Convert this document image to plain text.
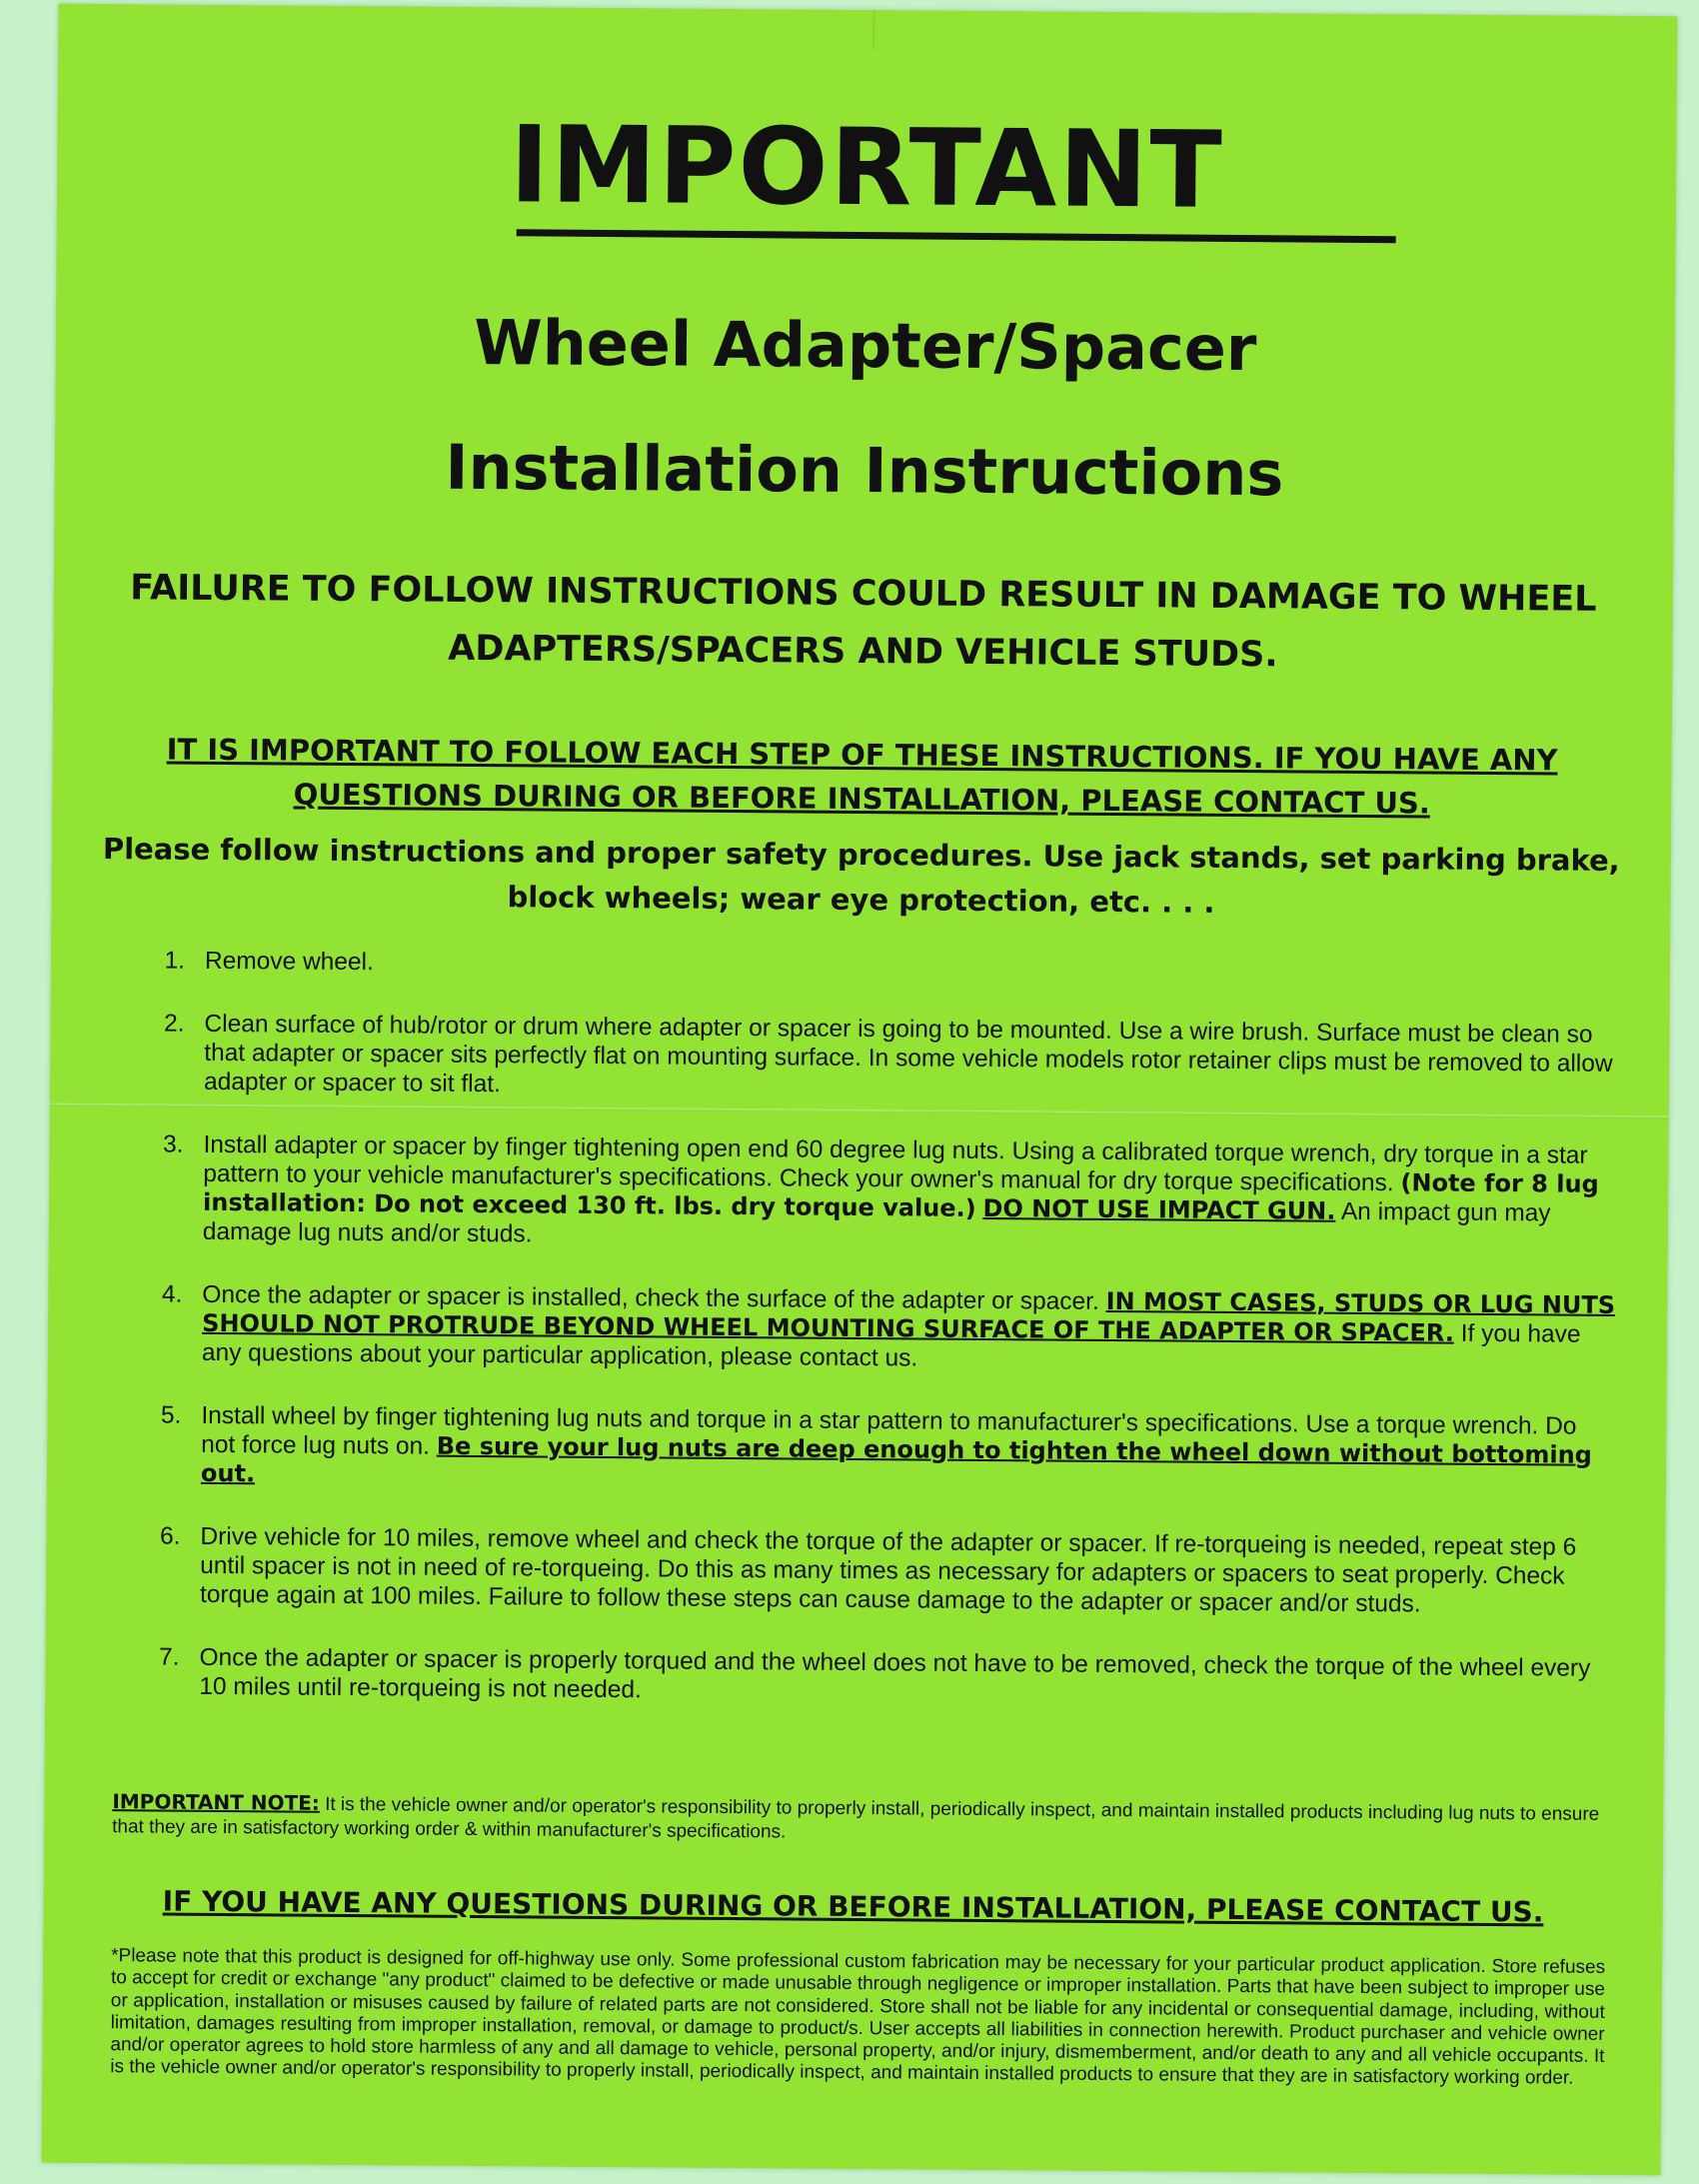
IMPORTANT
Wheel Adapter/Spacer
Installation Instructions

FAILURE TO FOLLOW INSTRUCTIONS COULD RESULT IN DAMAGE TO WHEEL ADAPTERS/SPACERS AND VEHICLE STUDS.

IT IS IMPORTANT TO FOLLOW EACH STEP OF THESE INSTRUCTIONS. IF YOU HAVE ANY QUESTIONS DURING OR BEFORE INSTALLATION, PLEASE CONTACT US.

Please follow instructions and proper safety procedures. Use jack stands, set parking brake, block wheels; wear eye protection, etc. . . .

1. Remove wheel.
2. Clean surface of hub/rotor or drum where adapter or spacer is going to be mounted. Use a wire brush. Surface must be clean so that adapter or spacer sits perfectly flat on mounting surface. In some vehicle models rotor retainer clips must be removed to allow adapter or spacer to sit flat.
3. Install adapter or spacer by finger tightening open end 60 degree lug nuts. Using a calibrated torque wrench, dry torque in a star pattern to your vehicle manufacturer's specifications. Check your owner's manual for dry torque specifications. (Note for 8 lug installation: Do not exceed 130 ft. lbs. dry torque value.) DO NOT USE IMPACT GUN. An impact gun may damage lug nuts and/or studs.
4. Once the adapter or spacer is installed, check the surface of the adapter or spacer. IN MOST CASES, STUDS OR LUG NUTS SHOULD NOT PROTRUDE BEYOND WHEEL MOUNTING SURFACE OF THE ADAPTER OR SPACER. If you have any questions about your particular application, please contact us.
5. Install wheel by finger tightening lug nuts and torque in a star pattern to manufacturer's specifications. Use a torque wrench. Do not force lug nuts on. Be sure your lug nuts are deep enough to tighten the wheel down without bottoming out.
6. Drive vehicle for 10 miles, remove wheel and check the torque of the adapter or spacer. If re-torqueing is needed, repeat step 6 until spacer is not in need of re-torqueing. Do this as many times as necessary for adapters or spacers to seat properly. Check torque again at 100 miles. Failure to follow these steps can cause damage to the adapter or spacer and/or studs.
7. Once the adapter or spacer is properly torqued and the wheel does not have to be removed, check the torque of the wheel every 10 miles until re-torqueing is not needed.

IMPORTANT NOTE: It is the vehicle owner and/or operator's responsibility to properly install, periodically inspect, and maintain installed products including lug nuts to ensure that they are in satisfactory working order & within manufacturer's specifications.

IF YOU HAVE ANY QUESTIONS DURING OR BEFORE INSTALLATION, PLEASE CONTACT US.

*Please note that this product is designed for off-highway use only. Some professional custom fabrication may be necessary for your particular product application. Store refuses to accept for credit or exchange "any product" claimed to be defective or made unusable through negligence or improper installation. Parts that have been subject to improper use or application, installation or misuses caused by failure of related parts are not considered. Store shall not be liable for any incidental or consequential damage, including, without limitation, damages resulting from improper installation, removal, or damage to product/s. User accepts all liabilities in connection herewith. Product purchaser and vehicle owner and/or operator agrees to hold store harmless of any and all damage to vehicle, personal property, and/or injury, dismemberment, and/or death to any and all vehicle occupants. It is the vehicle owner and/or operator's responsibility to properly install, periodically inspect, and maintain installed products to ensure that they are in satisfactory working order.
